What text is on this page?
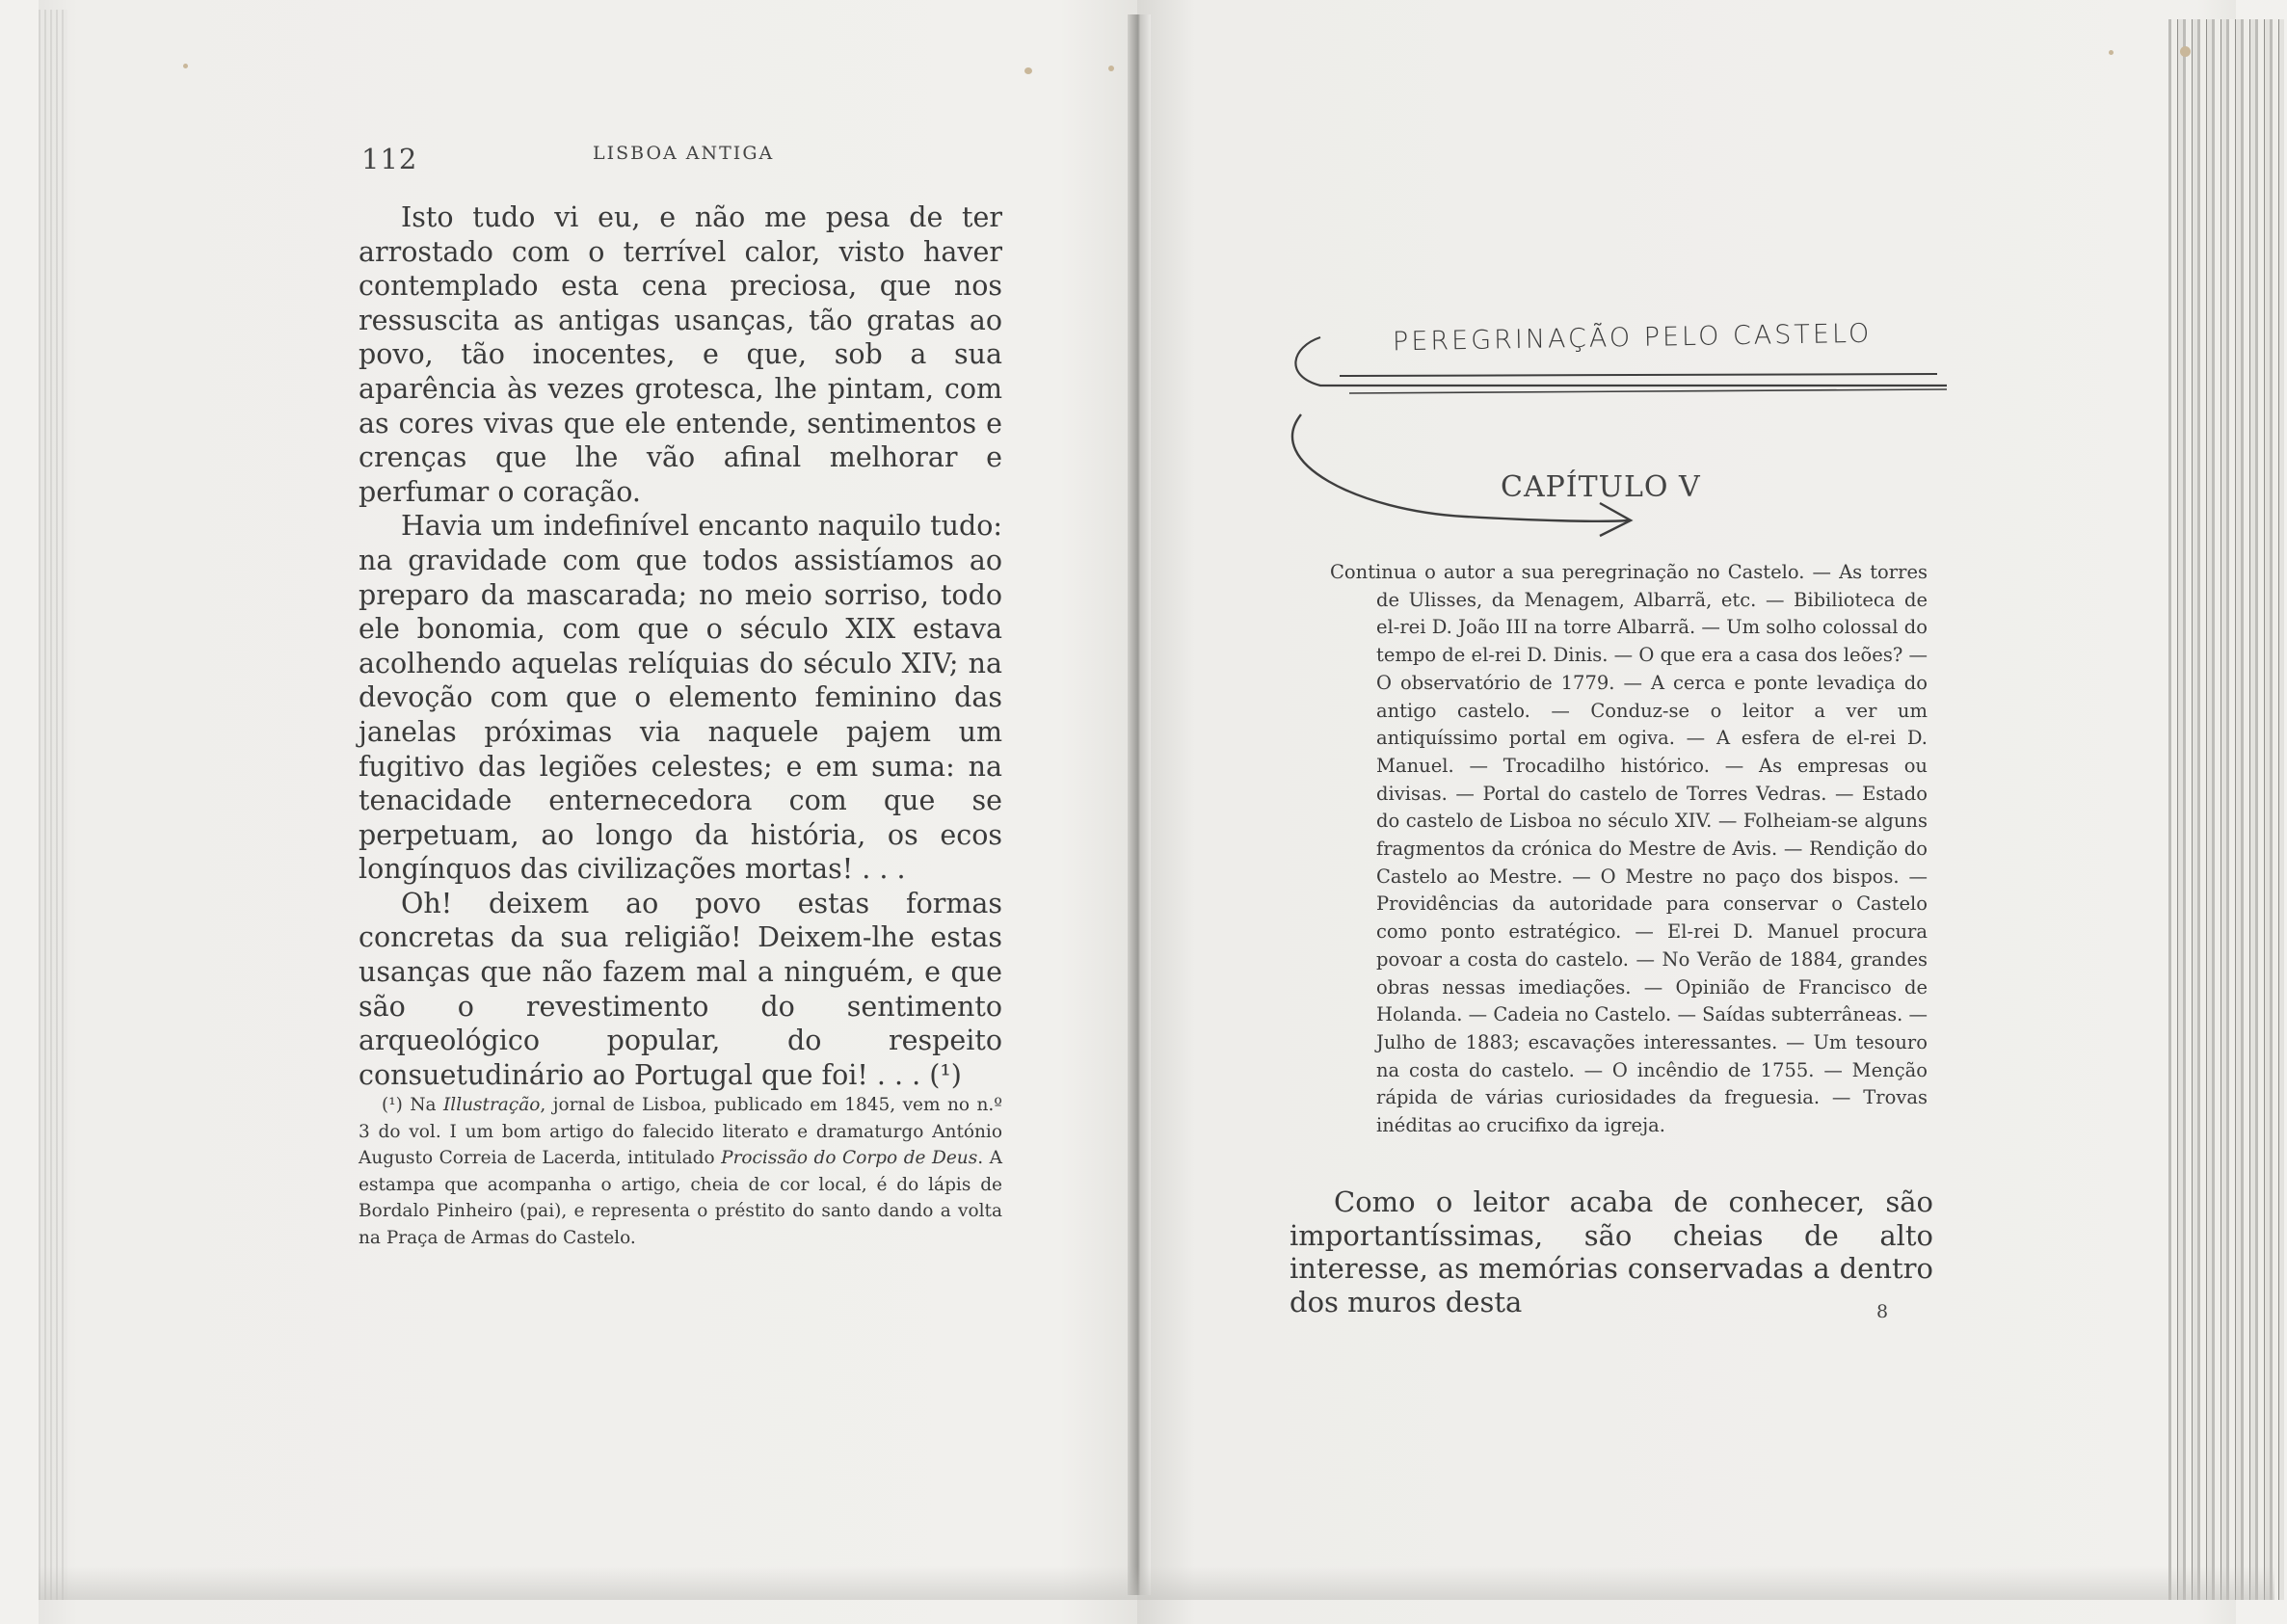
112	LISBOA ANTIGA

Isto tudo vi eu, e não me pesa de ter arrostado com o terrível calor, visto haver contemplado esta cena preciosa, que nos ressuscita as antigas usanças, tão gratas ao povo, tão inocentes, e que, sob a sua aparência às vezes grotesca, lhe pintam, com as cores vivas que ele entende, sentimentos e crenças que lhe vão afinal melhorar e perfumar o coração.

Havia um indefinível encanto naquilo tudo: na gravidade com que todos assistíamos ao preparo da mascarada; no meio sorriso, todo ele bonomia, com que o século XIX estava acolhendo aquelas relíquias do século XIV; na devoção com que o elemento feminino das janelas próximas via naquele pajem um fugitivo das legiões celestes; e em suma: na tenacidade enternecedora com que se perpetuam, ao longo da história, os ecos longínquos das civilizações mortas! . . .

Oh! deixem ao povo estas formas concretas da sua religião! Deixem-lhe estas usanças que não fazem mal a ninguém, e que são o revestimento do sentimento arqueológico popular, do respeito consuetudinário ao Portugal que foi! . . . (¹)

(¹) Na Illustração, jornal de Lisboa, publicado em 1845, vem no n.º 3 do vol. I um bom artigo do falecido literato e dramaturgo António Augusto Correia de Lacerda, intitulado Procissão do Corpo de Deus. A estampa que acompanha o artigo, cheia de cor local, é do lápis de Bordalo Pinheiro (pai), e representa o préstito do santo dando a volta na Praça de Armas do Castelo.

PEREGRINAÇÃO PELO CASTELO
CAPÍTULO V

Continua o autor a sua peregrinação no Castelo. — As torres de Ulisses, da Menagem, Albarrã, etc. — Bibilioteca de el-rei D. João III na torre Albarrã. — Um solho colossal do tempo de el-rei D. Dinis. — O que era a casa dos leões? — O observatório de 1779. — A cerca e ponte levadiça do antigo castelo. — Conduz-se o leitor a ver um antiquíssimo portal em ogiva. — A esfera de el-rei D. Manuel. — Trocadilho histórico. — As empresas ou divisas. — Portal do castelo de Torres Vedras. — Estado do castelo de Lisboa no século XIV. — Folheiam-se alguns fragmentos da crónica do Mestre de Avis. — Rendição do Castelo ao Mestre. — O Mestre no paço dos bispos. — Providências da autoridade para conservar o Castelo como ponto estratégico. — El-rei D. Manuel procura povoar a costa do castelo. — No Verão de 1884, grandes obras nessas imediações. — Opinião de Francisco de Holanda. — Cadeia no Castelo. — Saídas subterrâneas. — Julho de 1883; escavações interessantes. — Um tesouro na costa do castelo. — O incêndio de 1755. — Menção rápida de várias curiosidades da freguesia. — Trovas inéditas ao crucifixo da igreja.

Como o leitor acaba de conhecer, são importantíssimas, são cheias de alto interesse, as memórias conservadas a dentro dos muros desta	8
